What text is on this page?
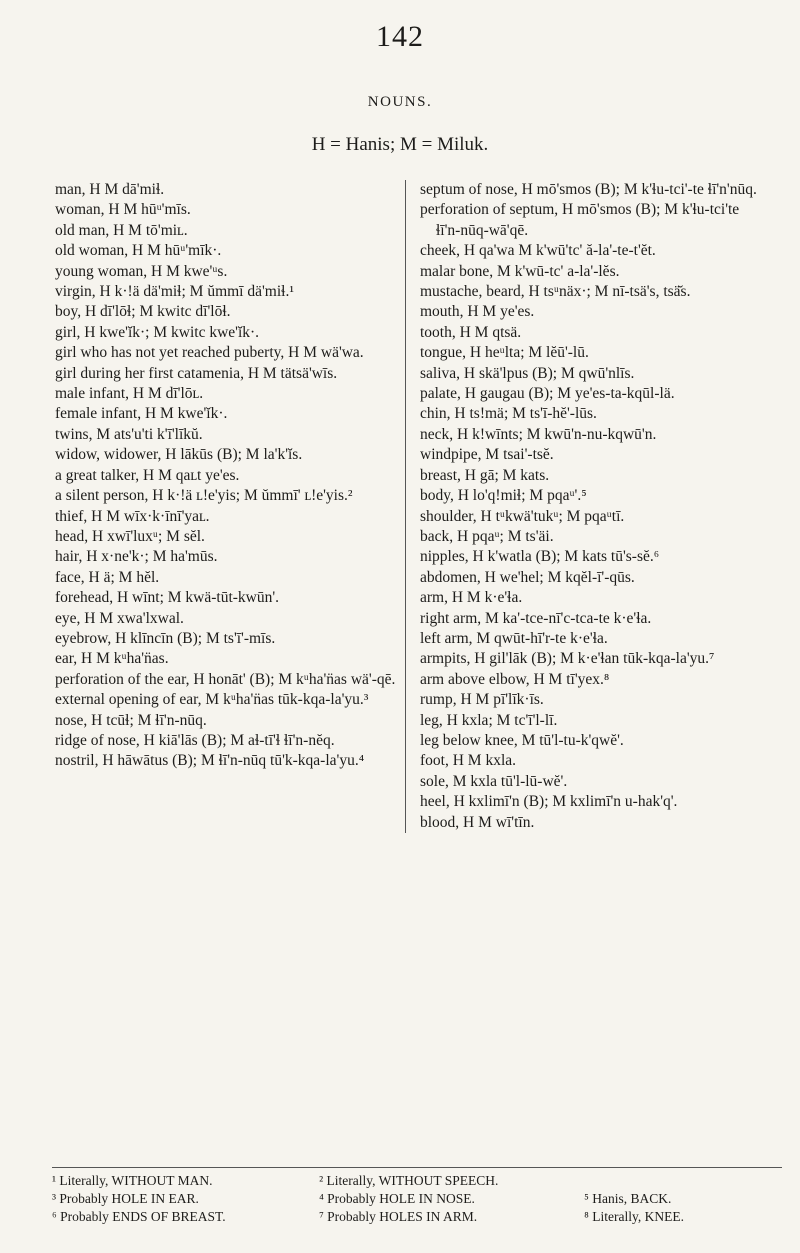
142
NOUNS.
H = Hanis; M = Miluk.
man, H M dā'miɬ.
woman, H M hūᵘ'mīs.
old man, H M tō'miʟ.
old woman, H M hūᵘ'mīk·.
young woman, H M kwe'ᵘs.
virgin, H k·!ä dä'miɬ; M ŭmmī dä'miɬ.¹
boy, H dī'lōɬ; M kwitc dī'lōɬ.
girl, H kwe'ĭk·; M kwitc kwe'ĭk·.
girl who has not yet reached puberty, H M wä'wa.
girl during her first catamenia, H M tätsä'wīs.
male infant, H M dī'lōʟ.
female infant, H M kwe'ĭk·.
twins, M ats'u'ti k'ī'līkŭ.
widow, widower, H lākūs (B); M la'k'ĭs.
a great talker, H M qaʟt ye'es.
a silent person, H k·!ä ʟ!e'yis; M ŭmmī' ʟ!e'yis.²
thief, H M wīx·k·īnī'yaʟ.
head, H xwī'luxᵘ; M sĕl.
hair, H x·ne'k·; M ha'mūs.
face, H ä; M hĕl.
forehead, H wīnt; M kwä-tūt-kwūn'.
eye, H M xwa'lxwal.
eyebrow, H klīncīn (B); M ts'ī'-mīs.
ear, H M kᵘha'n̈as.
perforation of the ear, H honāt' (B); M kᵘha'n̈as wä'-qē.
external opening of ear, M kᵘha'n̈as tūk-kqa-la'yu.³
nose, H tcūɬ; M ɬī'n-nūq.
ridge of nose, H kiā'lās (B); M aɬ-tī'ɬ ɬī'n-nĕq.
nostril, H hāwātus (B); M ɬī'n-nūq tū'k-kqa-la'yu.⁴
septum of nose, H mō'smos (B); M k'ɬu-tci'-te ɬī'n'nūq.
perforation of septum, H mō'smos (B); M k'ɬu-tci'te ɬī'n-nūq-wā'qē.
cheek, H qa'wa M k'wū'tc' ă-la'-te-t'ĕt.
malar bone, M k'wū-tc' a-la'-lĕs.
mustache, beard, H tsᵘnäx·; M nī-tsä's, tsä̆s.
mouth, H M ye'es.
tooth, H M qtsä.
tongue, H heᵘlta; M lĕū'-lū.
saliva, H skä'lpus (B); M qwū'nlīs.
palate, H gaugau (B); M ye'es-ta-kqūl-lä.
chin, H ts!mä; M ts'ī-hĕ'-lūs.
neck, H k!wīnts; M kwū'n-nu-kqwū'n.
windpipe, M tsai'-tsĕ.
breast, H gā; M kats.
body, H lo'q!miɬ; M pqaᵘ'.⁵
shoulder, H tᵘkwä'tukᵘ; M pqaᵘtī.
back, H pqaᵘ; M ts'äi.
nipples, H k'watla (B); M kats tū's-sĕ.⁶
abdomen, H we'hel; M kqĕl-ī'-qūs.
arm, H M k·e'ɬa.
right arm, M ka'-tce-nī'c-tca-te k·e'ɬa.
left arm, M qwūt-hī'r-te k·e'ɬa.
armpits, H gil'lāk (B); M k·e'ɬan tūk-kqa-la'yu.⁷
arm above elbow, H M tī'yex.⁸
rump, H M pī'līk·īs.
leg, H kxla; M tc'ī'l-lī.
leg below knee, M tū'l-tu-k'qwĕ'.
foot, H M kxla.
sole, M kxla tū'l-lū-wĕ'.
heel, H kxlimī'n (B); M kxlimī'n u-hak'q'.
blood, H M wī'tīn.
¹ Literally, WITHOUT MAN.	² Literally, WITHOUT SPEECH.
³ Probably HOLE IN EAR.	⁴ Probably HOLE IN NOSE.	⁵ Hanis, BACK.
⁶ Probably ENDS OF BREAST.	⁷ Probably HOLES IN ARM.	⁸ Literally, KNEE.
